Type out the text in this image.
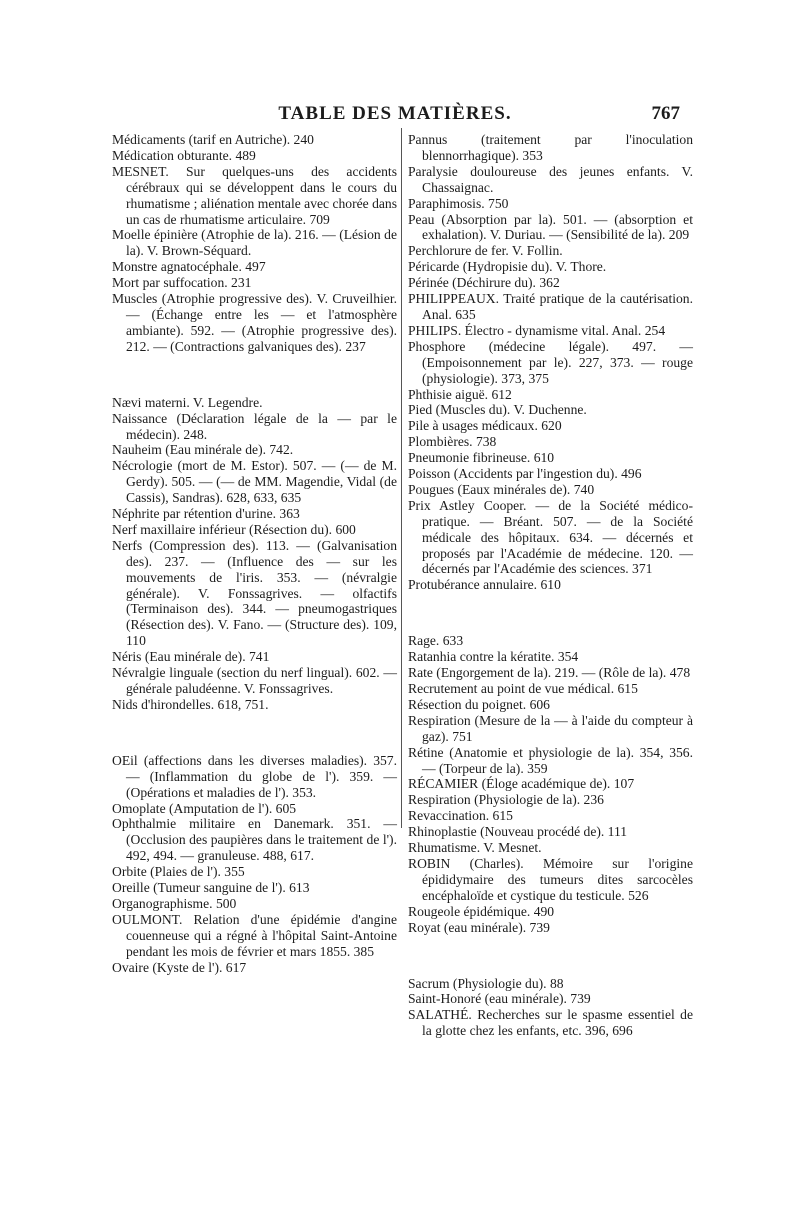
TABLE DES MATIÈRES.	767

Médicaments (tarif en Autriche). 240

Médication obturante. 489

MESNET. Sur quelques-uns des accidents cérébraux qui se développent dans le cours du rhumatisme ; aliénation mentale avec chorée dans un cas de rhumatisme articulaire. 709

Moelle épinière (Atrophie de la). 216. — (Lésion de la). V. Brown-Séquard.

Monstre agnatocéphale. 497

Mort par suffocation. 231

Muscles (Atrophie progressive des). V. Cruveilhier. — (Échange entre les — et l'atmosphère ambiante). 592. — (Atrophie progressive des). 212. — (Contractions galvaniques des). 237

Nævi materni. V. Legendre.

Naissance (Déclaration légale de la — par le médecin). 248.

Nauheim (Eau minérale de). 742.

Nécrologie (mort de M. Estor). 507. — (— de M. Gerdy). 505. — (— de MM. Magendie, Vidal (de Cassis), Sandras). 628, 633, 635

Néphrite par rétention d'urine. 363

Nerf maxillaire inférieur (Résection du). 600

Nerfs (Compression des). 113. — (Galvanisation des). 237. — (Influence des — sur les mouvements de l'iris. 353. — (névralgie générale). V. Fonssagrives. — olfactifs (Terminaison des). 344. — pneumogastriques (Résection des). V. Fano. — (Structure des). 109, 110

Néris (Eau minérale de). 741

Névralgie linguale (section du nerf lingual). 602. — générale paludéenne. V. Fonssagrives.

Nids d'hirondelles. 618, 751.

OEil (affections dans les diverses maladies). 357. — (Inflammation du globe de l'). 359. — (Opérations et maladies de l'). 353.

Omoplate (Amputation de l'). 605

Ophthalmie militaire en Danemark. 351. — (Occlusion des paupières dans le traitement de l'). 492, 494. — granuleuse. 488, 617.

Orbite (Plaies de l'). 355

Oreille (Tumeur sanguine de l'). 613

Organographisme. 500

OULMONT. Relation d'une épidémie d'angine couenneuse qui a régné à l'hôpital Saint-Antoine pendant les mois de février et mars 1855. 385

Ovaire (Kyste de l'). 617

Pannus (traitement par l'inoculation blennorrhagique). 353

Paralysie douloureuse des jeunes enfants. V. Chassaignac.

Paraphimosis. 750

Peau (Absorption par la). 501. — (absorption et exhalation). V. Duriau. — (Sensibilité de la). 209

Perchlorure de fer. V. Follin.

Péricarde (Hydropisie du). V. Thore.

Périnée (Déchirure du). 362

PHILIPPEAUX. Traité pratique de la cautérisation. Anal. 635

PHILIPS. Électro - dynamisme vital. Anal. 254

Phosphore (médecine légale). 497. — (Empoisonnement par le). 227, 373. — rouge (physiologie). 373, 375

Phthisie aiguë. 612

Pied (Muscles du). V. Duchenne.

Pile à usages médicaux. 620

Plombières. 738

Pneumonie fibrineuse. 610

Poisson (Accidents par l'ingestion du). 496

Pougues (Eaux minérales de). 740

Prix Astley Cooper. — de la Société médico-pratique. — Bréant. 507. — de la Société médicale des hôpitaux. 634. — décernés et proposés par l'Académie de médecine. 120. — décernés par l'Académie des sciences. 371

Protubérance annulaire. 610

Rage. 633

Ratanhia contre la kératite. 354

Rate (Engorgement de la). 219. — (Rôle de la). 478

Recrutement au point de vue médical. 615

Résection du poignet. 606

Respiration (Mesure de la — à l'aide du compteur à gaz). 751

Rétine (Anatomie et physiologie de la). 354, 356. — (Torpeur de la). 359

RÉCAMIER (Éloge académique de). 107

Respiration (Physiologie de la). 236

Revaccination. 615

Rhinoplastie (Nouveau procédé de). 111

Rhumatisme. V. Mesnet.

ROBIN (Charles). Mémoire sur l'origine épididymaire des tumeurs dites sarcocèles encéphaloïde et cystique du testicule. 526

Rougeole épidémique. 490

Royat (eau minérale). 739

Sacrum (Physiologie du). 88

Saint-Honoré (eau minérale). 739

SALATHÉ. Recherches sur le spasme essentiel de la glotte chez les enfants, etc. 396, 696
